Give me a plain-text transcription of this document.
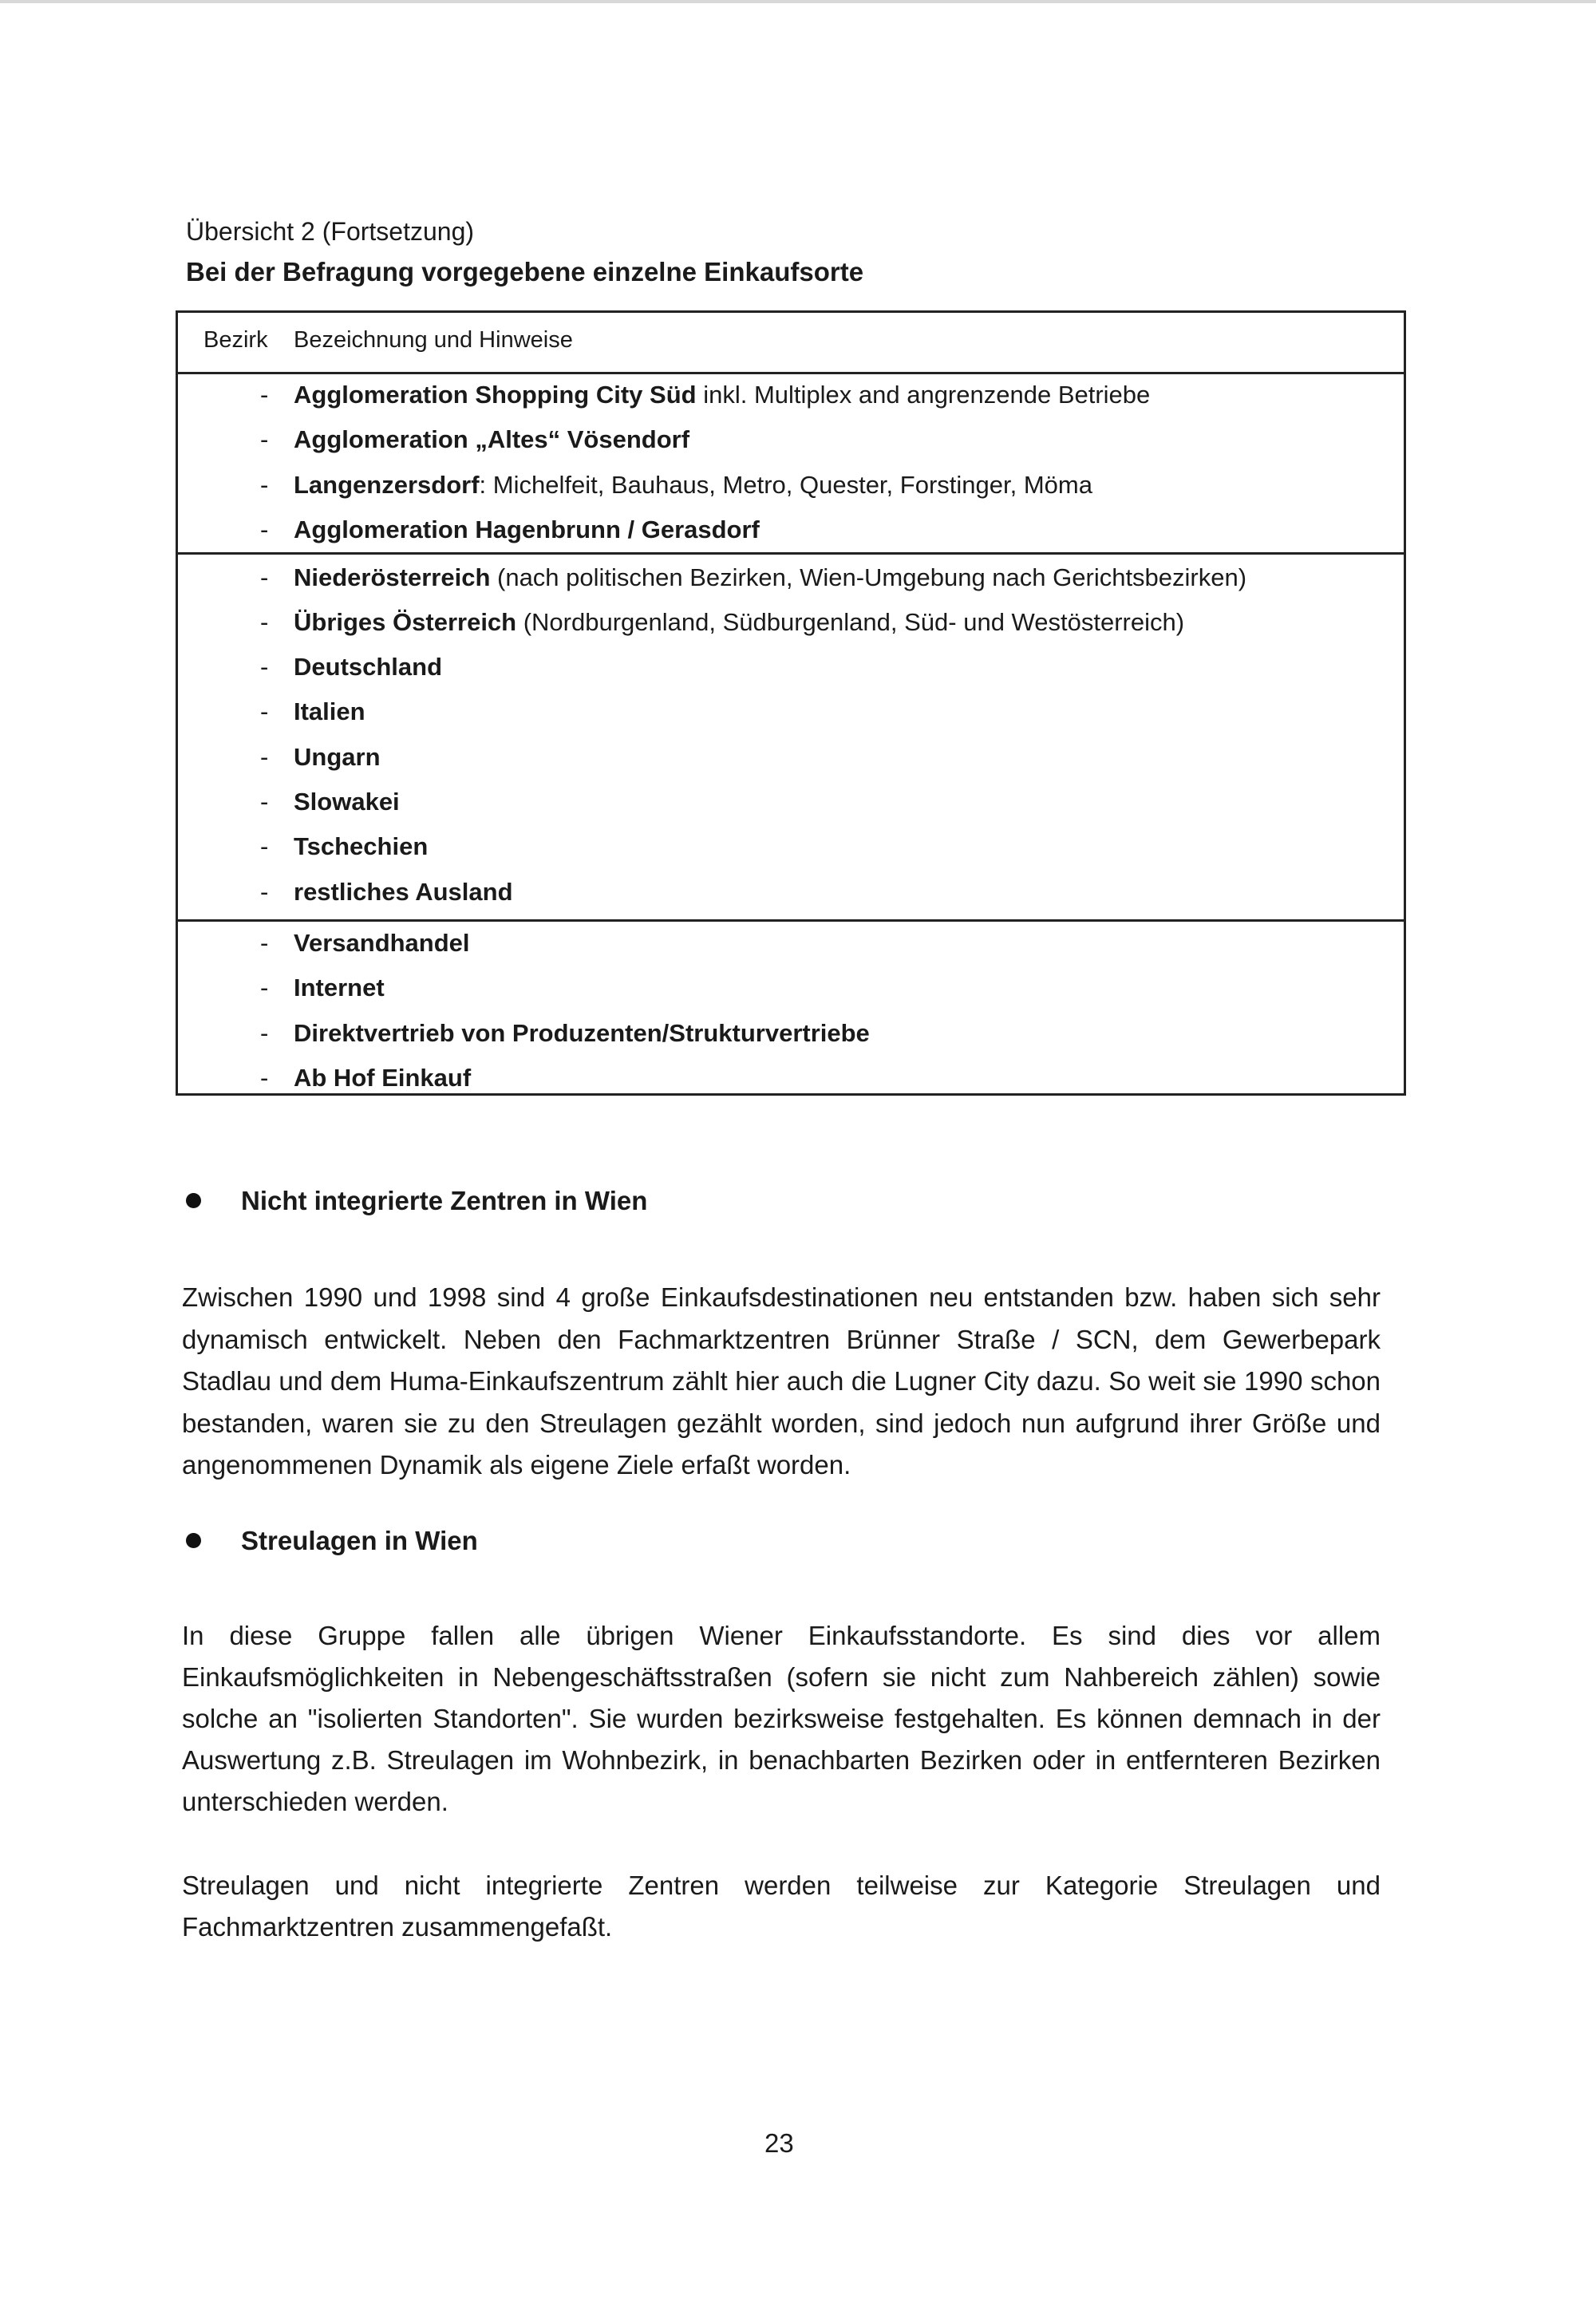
Übersicht 2 (Fortsetzung)
Bei der Befragung vorgegebene einzelne Einkaufsorte
Bezirk Bezeichnung und Hinweise
- Agglomeration Shopping City Süd inkl. Multiplex and angrenzende Betriebe
- Agglomeration „Altes“ Vösendorf
- Langenzersdorf: Michelfeit, Bauhaus, Metro, Quester, Forstinger, Möma
- Agglomeration Hagenbrunn / Gerasdorf
- Niederösterreich (nach politischen Bezirken, Wien-Umgebung nach Gerichtsbezirken)
- Übriges Österreich (Nordburgenland, Südburgenland, Süd- und Westösterreich)
- Deutschland
- Italien
- Ungarn
- Slowakei
- Tschechien
- restliches Ausland
- Versandhandel
- Internet
- Direktvertrieb von Produzenten/Strukturvertriebe
- Ab Hof Einkauf
Nicht integrierte Zentren in Wien
Zwischen 1990 und 1998 sind 4 große Einkaufsdestinationen neu entstanden bzw. haben sich sehr dynamisch entwickelt. Neben den Fachmarktzentren Brünner Straße / SCN, dem Gewerbepark Stadlau und dem Huma-Einkaufszentrum zählt hier auch die Lugner City dazu. So weit sie 1990 schon bestanden, waren sie zu den Streulagen gezählt worden, sind jedoch nun aufgrund ihrer Größe und angenommenen Dynamik als eigene Ziele erfaßt worden.
Streulagen in Wien
In diese Gruppe fallen alle übrigen Wiener Einkaufsstandorte. Es sind dies vor allem Einkaufsmöglichkeiten in Nebengeschäftsstraßen (sofern sie nicht zum Nahbereich zählen) sowie solche an "isolierten Standorten". Sie wurden bezirksweise festgehalten. Es können demnach in der Auswertung z.B. Streulagen im Wohnbezirk, in benachbarten Bezirken oder in entfernteren Bezirken unterschieden werden.
Streulagen und nicht integrierte Zentren werden teilweise zur Kategorie Streulagen und Fachmarktzentren zusammengefaßt.
23
